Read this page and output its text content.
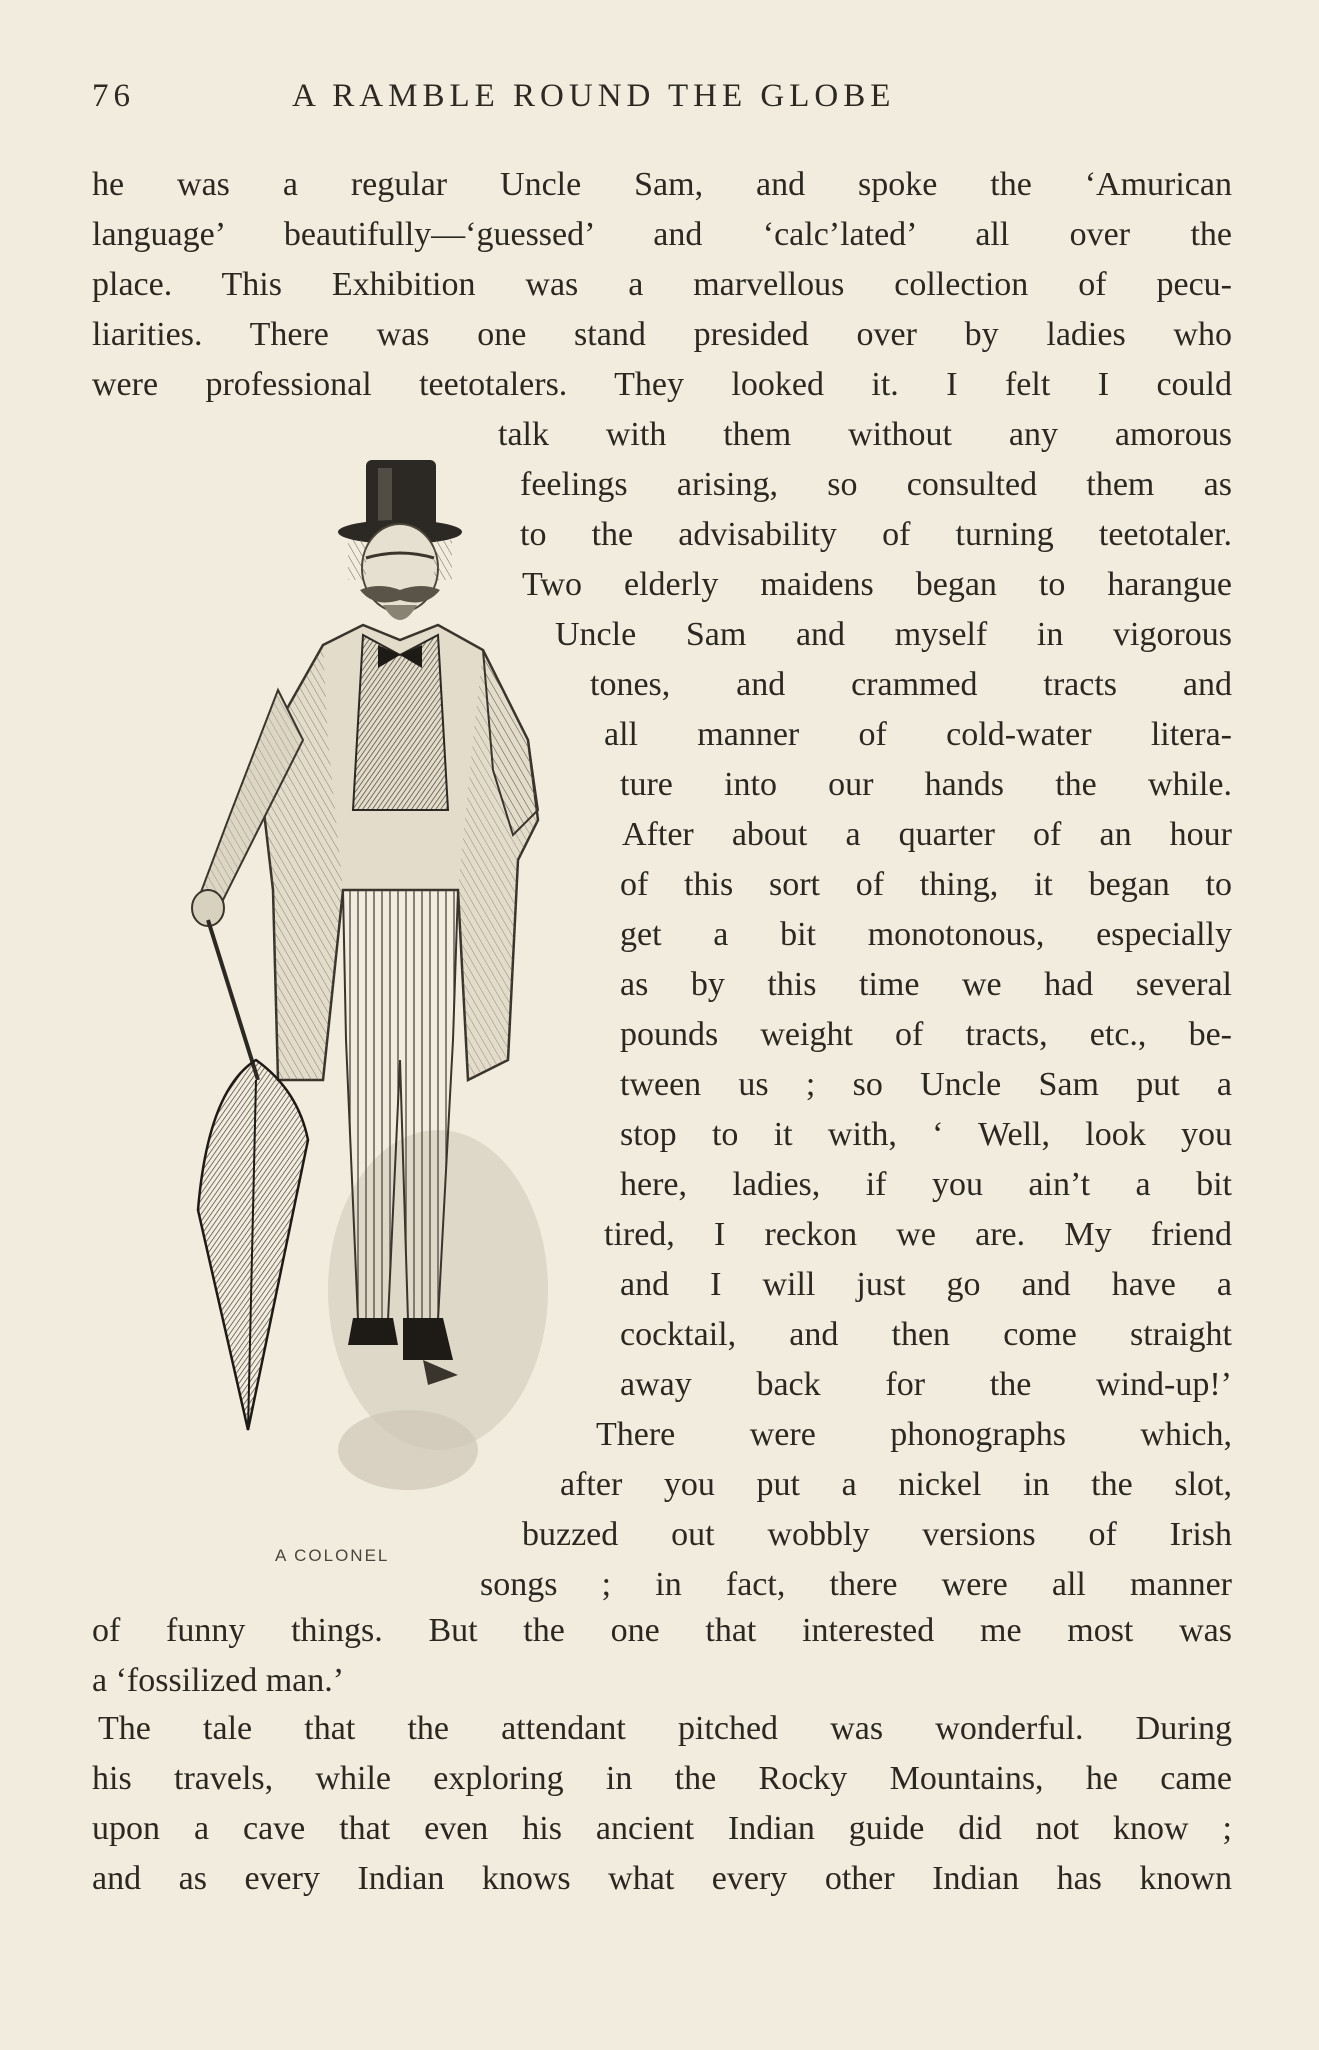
76	A RAMBLE ROUND THE GLOBE
he was a regular Uncle Sam, and spoke the ‘Amurican
language’ beautifully—‘guessed’ and ‘calc’lated’ all over the
place. This Exhibition was a marvellous collection of pecu-
liarities. There was one stand presided over by ladies who
were professional teetotalers. They looked it. I felt I could
talk with them without any amorous
feelings arising, so consulted them as
to the advisability of turning teetotaler.
Two elderly maidens began to harangue
Uncle Sam and myself in vigorous
tones, and crammed tracts and
all manner of cold-water litera-
ture into our hands the while.
After about a quarter of an hour
of this sort of thing, it began to
get a bit monotonous, especially
as by this time we had several
pounds weight of tracts, etc., be-
tween us ; so Uncle Sam put a
stop to it with, ‘ Well, look you
here, ladies, if you ain’t a bit
tired, I reckon we are. My friend
and I will just go and have a
cocktail, and then come straight
away back for the wind-up!’
There were phonographs which,
after you put a nickel in the slot,
buzzed out wobbly versions of Irish
songs ; in fact, there were all manner
of funny things. But the one that interested me most was
a ‘fossilized man.’
The tale that the attendant pitched was wonderful. During
his travels, while exploring in the Rocky Mountains, he came
upon a cave that even his ancient Indian guide did not know ;
and as every Indian knows what every other Indian has known
A COLONEL
